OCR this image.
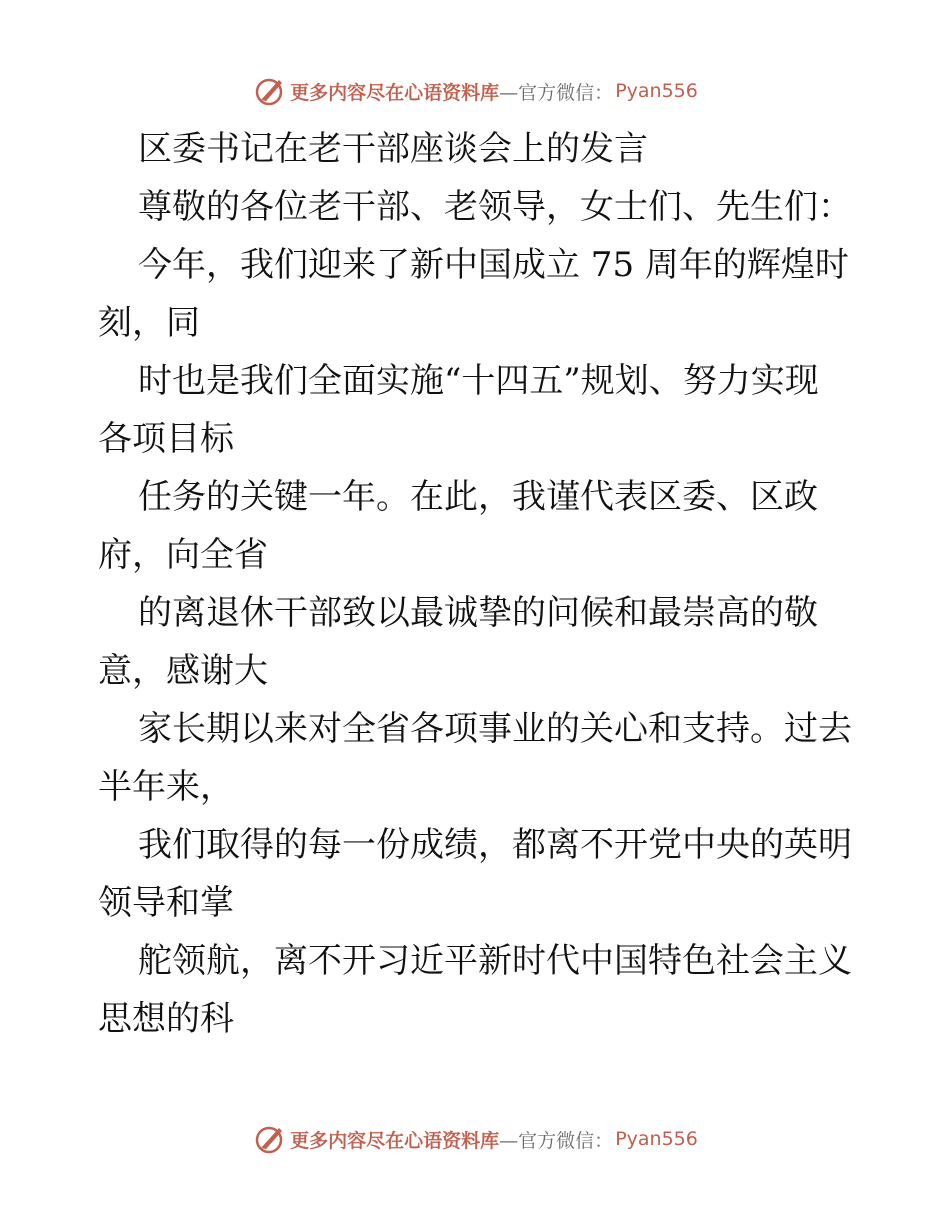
更多内容尽在心语资料库 —官方微信： Pyan556
区委书记在老干部座谈会上的发言
尊敬的各位老干部、老领导，女士们、先生们：
今年，我们迎来了新中国成立 75 周年的辉煌时
刻，同
时也是我们全面实施“十四五”规划、努力实现
各项目标
任务的关键一年。在此，我谨代表区委、区政
府，向全省
的离退休干部致以最诚挚的问候和最崇高的敬
意，感谢大
家长期以来对全省各项事业的关心和支持。过去
半年来，
我们取得的每一份成绩，都离不开党中央的英明
领导和掌
舵领航，离不开习近平新时代中国特色社会主义
思想的科
更多内容尽在心语资料库 —官方微信： Pyan556
